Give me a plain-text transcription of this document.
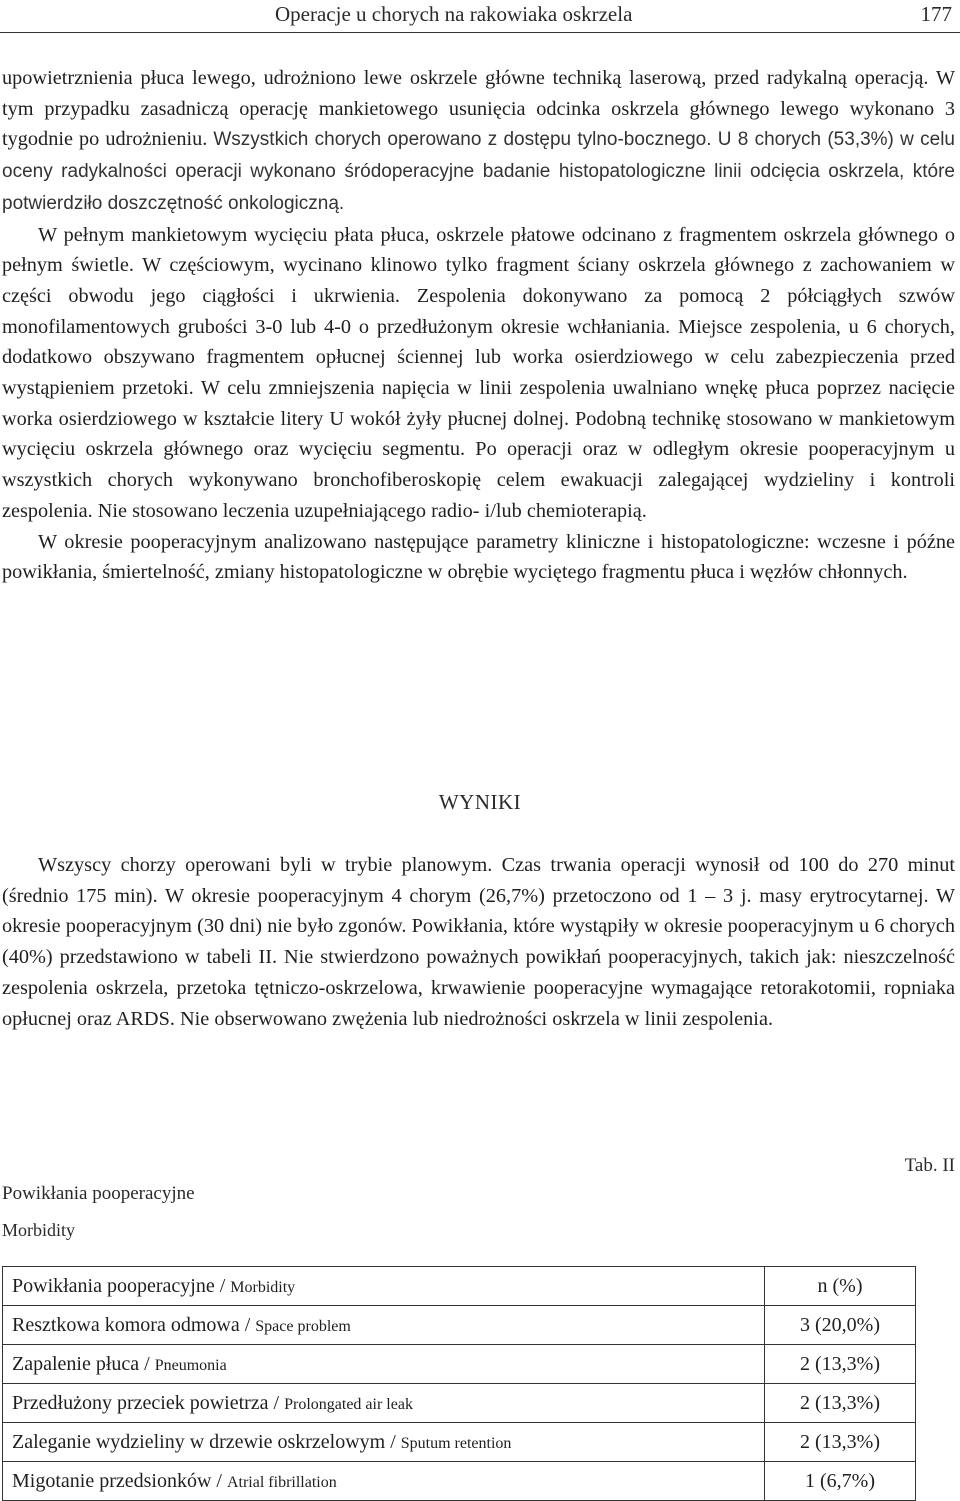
Operacje u chorych na rakowiaka oskrzela	177

upowietrznienia płuca lewego, udrożniono lewe oskrzele główne techniką laserową, przed radykalną operacją. W tym przypadku zasadniczą operację mankietowego usunięcia odcinka oskrzela głównego lewego wykonano 3 tygodnie po udrożnieniu. Wszystkich chorych operowano z dostępu tylno-bocznego. U 8 chorych (53,3%) w celu oceny radykalności operacji wykonano śródoperacyjne badanie histopatologiczne linii odcięcia oskrzela, które potwierdziło doszczętność onkologiczną.

W pełnym mankietowym wycięciu płata płuca, oskrzele płatowe odcinano z fragmentem oskrzela głównego o pełnym świetle. W częściowym, wycinano klinowo tylko fragment ściany oskrzela głównego z zachowaniem w części obwodu jego ciągłości i ukrwienia. Zespolenia dokonywano za pomocą 2 półciągłych szwów monofilamentowych grubości 3-0 lub 4-0 o przedłużonym okresie wchłaniania. Miejsce zespolenia, u 6 chorych, dodatkowo obszywano fragmentem opłucnej ściennej lub worka osierdziowego w celu zabezpieczenia przed wystąpieniem przetoki. W celu zmniejszenia napięcia w linii zespolenia uwalniano wnękę płuca poprzez nacięcie worka osierdziowego w kształcie litery U wokół żyły płucnej dolnej. Podobną technikę stosowano w mankietowym wycięciu oskrzela głównego oraz wycięciu segmentu. Po operacji oraz w odległym okresie pooperacyjnym u wszystkich chorych wykonywano bronchofiberoskopię celem ewakuacji zalegającej wydzieliny i kontroli zespolenia. Nie stosowano leczenia uzupełniającego radio- i/lub chemioterapią.

W okresie pooperacyjnym analizowano następujące parametry kliniczne i histopatologiczne: wczesne i późne powikłania, śmiertelność, zmiany histopatologiczne w obrębie wyciętego fragmentu płuca i węzłów chłonnych.

WYNIKI

Wszyscy chorzy operowani byli w trybie planowym. Czas trwania operacji wynosił od 100 do 270 minut (średnio 175 min). W okresie pooperacyjnym 4 chorym (26,7%) przetoczono od 1 – 3 j. masy erytrocytarnej. W okresie pooperacyjnym (30 dni) nie było zgonów. Powikłania, które wystąpiły w okresie pooperacyjnym u 6 chorych (40%) przedstawiono w tabeli II. Nie stwierdzono poważnych powikłań pooperacyjnych, takich jak: nieszczelność zespolenia oskrzela, przetoka tętniczo-oskrzelowa, krwawienie pooperacyjne wymagające retorakotomii, ropniaka opłucnej oraz ARDS. Nie obserwowano zwężenia lub niedrożności oskrzela w linii zespolenia.

Tab. II
Powikłania pooperacyjne
Morbidity
Powikłania pooperacyjne / Morbidity	n (%)
Resztkowa komora odmowa / Space problem	3 (20,0%)
Zapalenie płuca / Pneumonia	2 (13,3%)
Przedłużony przeciek powietrza / Prolongated air leak	2 (13,3%)
Zaleganie wydzieliny w drzewie oskrzelowym / Sputum retention	2 (13,3%)
Migotanie przedsionków / Atrial fibrillation	1 (6,7%)
